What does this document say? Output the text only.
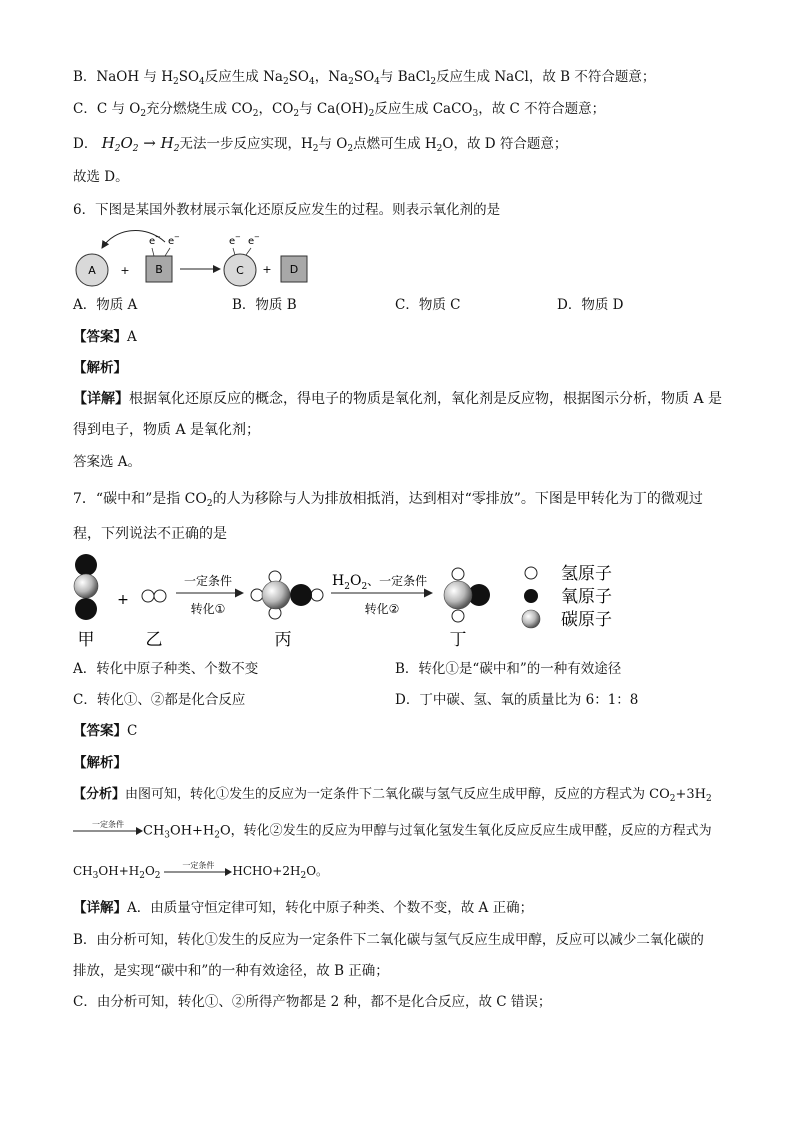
B．NaOH 与 $H_2SO_4$反应生成 $Na_2SO_4$，$Na_2SO_4$与 BaCl$_2$反应生成 NaCl，故 B 不符合题意；
C．C 与 $O_2$充分燃烧生成 $CO_2$，$CO_2$与 $Ca(OH)_2$反应生成 CaCO$_3$，故 C 不符合题意；
D． $H_2O_2 \to H_2$无法一步反应实现，$H_2$与 $O_2$点燃可生成 $H_2O$，故 D 符合题意；
故选 D。
6．下图是某国外教材展示氧化还原反应发生的过程。则表示氧化剂的是
A + B
e − e −
C
e − e −
+ D
A．物质 A	B．物质 B	C．物质 C	D．物质 D
【答案】A
【解析】
【详解】根据氧化还原反应的概念，得电子的物质是氧化剂，氧化剂是反应物，根据图示分析，物质 A 是
得到电子，物质 A 是氧化剂；
答案选 A。
7．“碳中和”是指 $CO_2$的人为移除与人为排放相抵消，达到相对“零排放”。下图是甲转化为丁的微观过
程，下列说法不正确的是
甲
+
乙
一定条件
转化①
丙
$H_2O_2$、一定条件
转化②
丁
氢原子
氧原子
碳原子
A．转化中原子种类、个数不变	B．转化①是“碳中和”的一种有效途径
C．转化①、②都是化合反应	D．丁中碳、氢、氧的质量比为 6：1：8
【答案】C
【解析】
【分析】由图可知，转化①发生的反应为一定条件下二氧化碳与氢气反应生成甲醇，反应的方程式为 $CO_2+3H_2$
一定条件	$CH_3OH+H_2O$，转化②发生的反应为甲醇与过氧化氢发生氧化反应反应生成甲醛，反应的方程式为
$CH_3OH+H_2O_2$
一定条件	$HCHO+2H_2O$。
【详解】A．由质量守恒定律可知，转化中原子种类、个数不变，故 A 正确；
B．由分析可知，转化①发生的反应为一定条件下二氧化碳与氢气反应生成甲醇，反应可以减少二氧化碳的
排放，是实现“碳中和”的一种有效途径，故 B 正确；
C．由分析可知，转化①、②所得产物都是 2 种，都不是化合反应，故 C 错误；
